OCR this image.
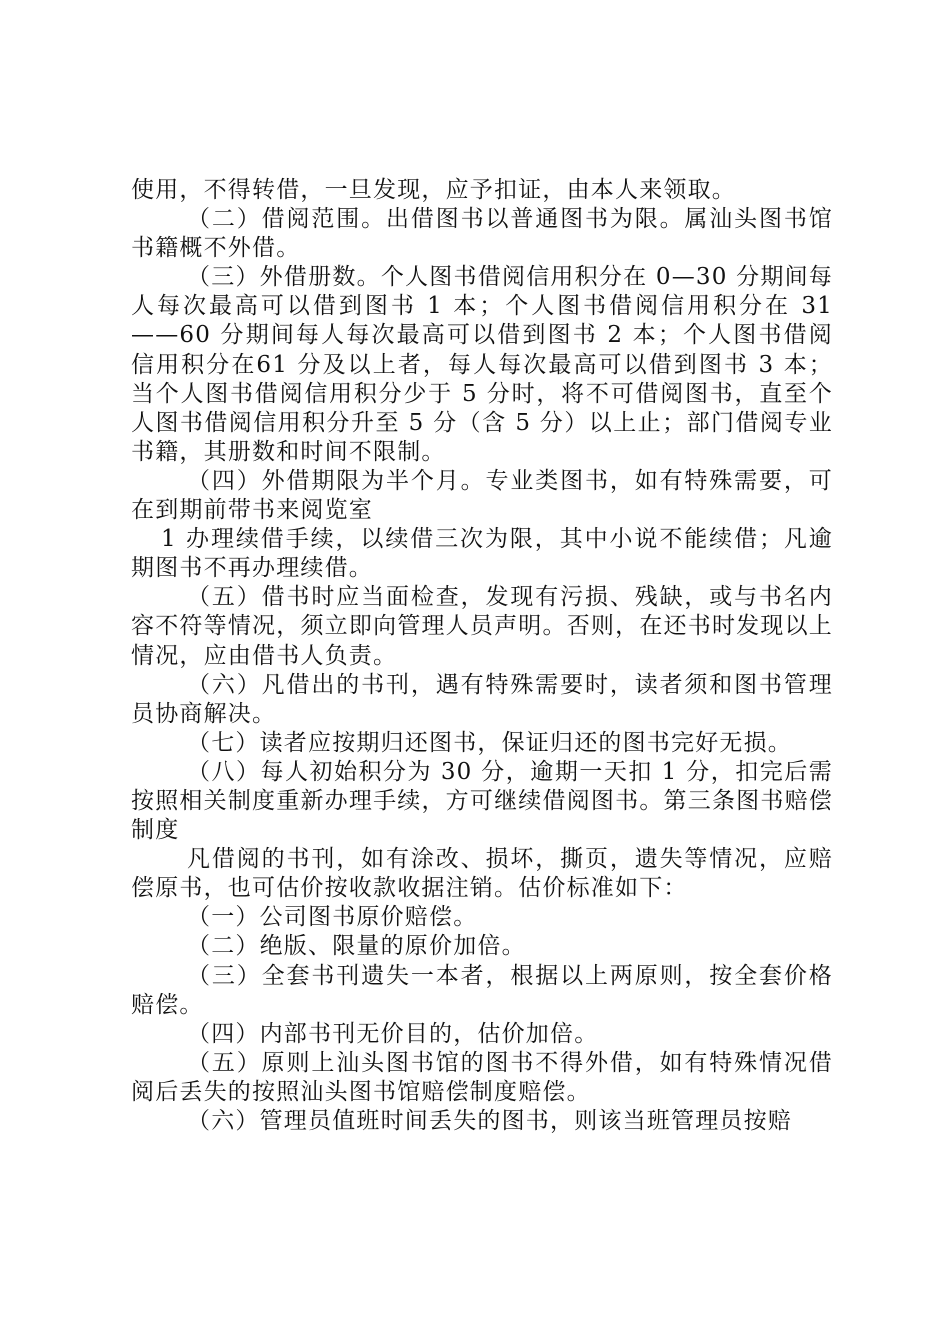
使用，不得转借，一旦发现，应予扣证，由本人来领取。

（二）借阅范围。出借图书以普通图书为限。属汕头图书馆书籍概不外借。

（三）外借册数。个人图书借阅信用积分在 0—30 分期间每人每次最高可以借到图书 1 本；个人图书借阅信用积分在 31——60 分期间每人每次最高可以借到图书 2 本；个人图书借阅信用积分在61 分及以上者，每人每次最高可以借到图书 3 本；当个人图书借阅信用积分少于 5 分时，将不可借阅图书，直至个人图书借阅信用积分升至 5 分（含 5 分）以上止；部门借阅专业书籍，其册数和时间不限制。

（四）外借期限为半个月。专业类图书，如有特殊需要，可在到期前带书来阅览室

1 办理续借手续，以续借三次为限，其中小说不能续借；凡逾期图书不再办理续借。

（五）借书时应当面检查，发现有污损、残缺，或与书名内容不符等情况，须立即向管理人员声明。否则，在还书时发现以上情况，应由借书人负责。

（六）凡借出的书刊，遇有特殊需要时，读者须和图书管理员协商解决。

（七）读者应按期归还图书，保证归还的图书完好无损。

（八）每人初始积分为 30 分，逾期一天扣 1 分，扣完后需按照相关制度重新办理手续，方可继续借阅图书。第三条图书赔偿制度

凡借阅的书刊，如有涂改、损坏，撕页，遗失等情况，应赔偿原书，也可估价按收款收据注销。估价标准如下：

（一）公司图书原价赔偿。

（二）绝版、限量的原价加倍。

（三）全套书刊遗失一本者，根据以上两原则，按全套价格赔偿。

（四）内部书刊无价目的，估价加倍。

（五）原则上汕头图书馆的图书不得外借，如有特殊情况借阅后丢失的按照汕头图书馆赔偿制度赔偿。

（六）管理员值班时间丢失的图书，则该当班管理员按赔
